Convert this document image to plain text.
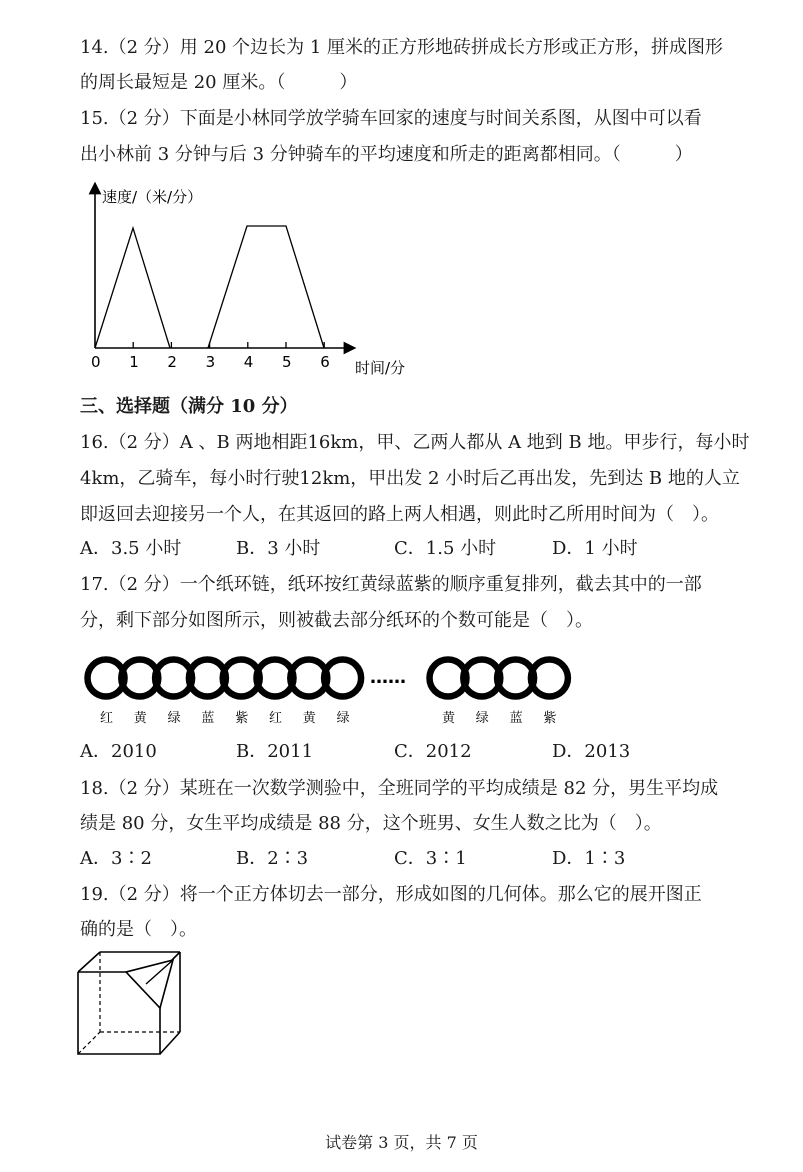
14.（2 分）用 20 个边长为 1 厘米的正方形地砖拼成长方形或正方形，拼成图形
的周长最短是 20 厘米。（　　　）
15.（2 分）下面是小林同学放学骑车回家的速度与时间关系图，从图中可以看
出小林前 3 分钟与后 3 分钟骑车的平均速度和所走的距离都相同。（　　　）
速度/（米/分）
时间/分
0 1 2 3 4 5 6
三、选择题（满分 10 分）
16.（2 分）A 、B 两地相距16km，甲、乙两人都从 A 地到 B 地。甲步行，每小时
4km，乙骑车，每小时行驶12km，甲出发 2 小时后乙再出发，先到达 B 地的人立
即返回去迎接另一个人，在其返回的路上两人相遇，则此时乙所用时间为（　）。
A．3.5 小时	B．3 小时	C．1.5 小时	D．1 小时
17.（2 分）一个纸环链，纸环按红黄绿蓝紫的顺序重复排列，截去其中的一部
分，剩下部分如图所示，则被截去部分纸环的个数可能是（　）。
……
红 黄 绿 蓝 紫 红 黄 绿	黄 绿 蓝 紫
A．2010	B．2011	C．2012	D．2013
18.（2 分）某班在一次数学测验中，全班同学的平均成绩是 82 分，男生平均成
绩是 80 分，女生平均成绩是 88 分，这个班男、女生人数之比为（　）。
A．3∶2	B．2∶3	C．3∶1	D．1∶3
19.（2 分）将一个正方体切去一部分，形成如图的几何体。那么它的展开图正
确的是（　）。
试卷第 3 页，共 7 页
